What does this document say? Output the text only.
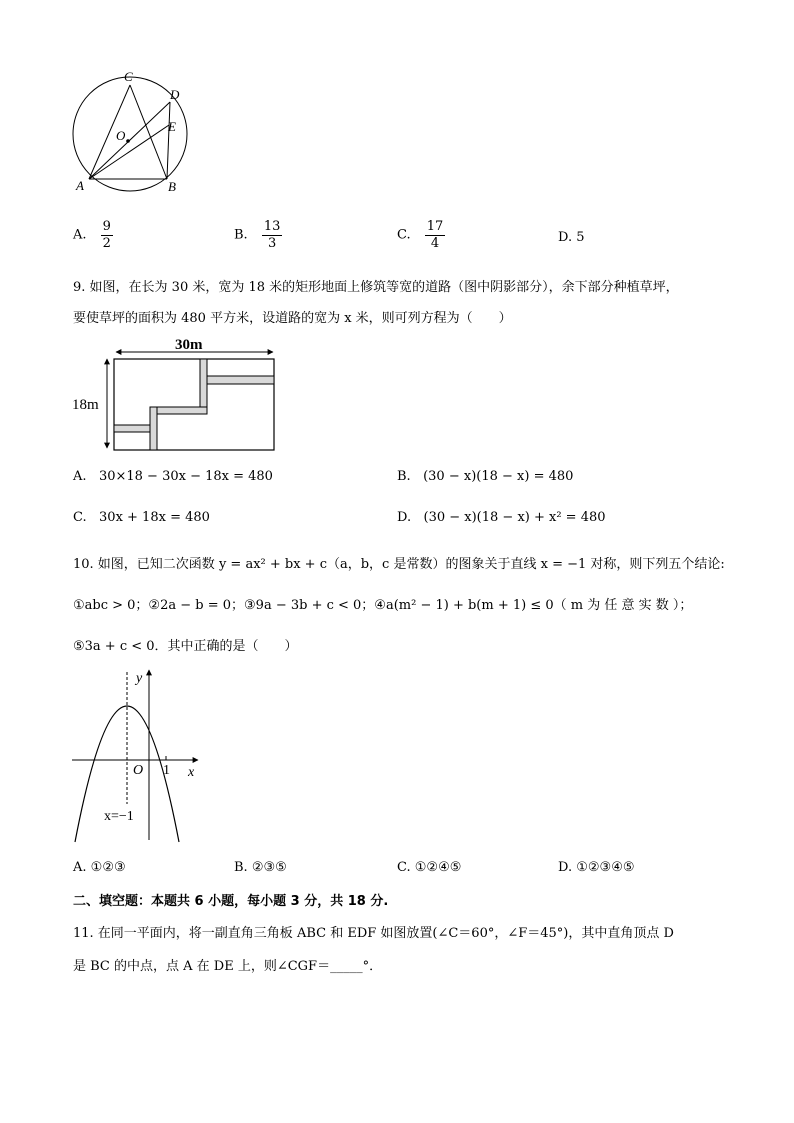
C
D
E
O
A	B
A. $\frac{9}{2}$	B. $\frac{13}{3}$	C. $\frac{17}{4}$	D. 5
9. 如图，在长为 30 米，宽为 18 米的矩形地面上修筑等宽的道路（图中阴影部分），余下部分种植草坪，
要使草坪的面积为 480 平方米，设道路的宽为 x 米，则可列方程为（　　）
30m
18m
A. 30×18 − 30x − 18x = 480	B. (30 − x)(18 − x) = 480
C. 30x + 18x = 480	D. (30 − x)(18 − x) + x² = 480
10. 如图，已知二次函数 y = ax² + bx + c（a，b，c 是常数）的图象关于直线 x = −1 对称，则下列五个结论:
①abc > 0；②2a − b = 0；③9a − 3b + c < 0；④a(m² − 1) + b(m + 1) ≤ 0（ m 为 任 意 实 数 ）；
⑤3a + c < 0．其中正确的是（　　）
y
x
O 1
x=−1
A. ①②③	B. ②③⑤	C. ①②④⑤	D. ①②③④⑤
二、填空题：本题共 6 小题，每小题 3 分，共 18 分.
11. 在同一平面内，将一副直角三角板 ABC 和 EDF 如图放置(∠C＝60°，∠F＝45°)，其中直角顶点 D
是 BC 的中点，点 A 在 DE 上，则∠CGF＝_____°．
